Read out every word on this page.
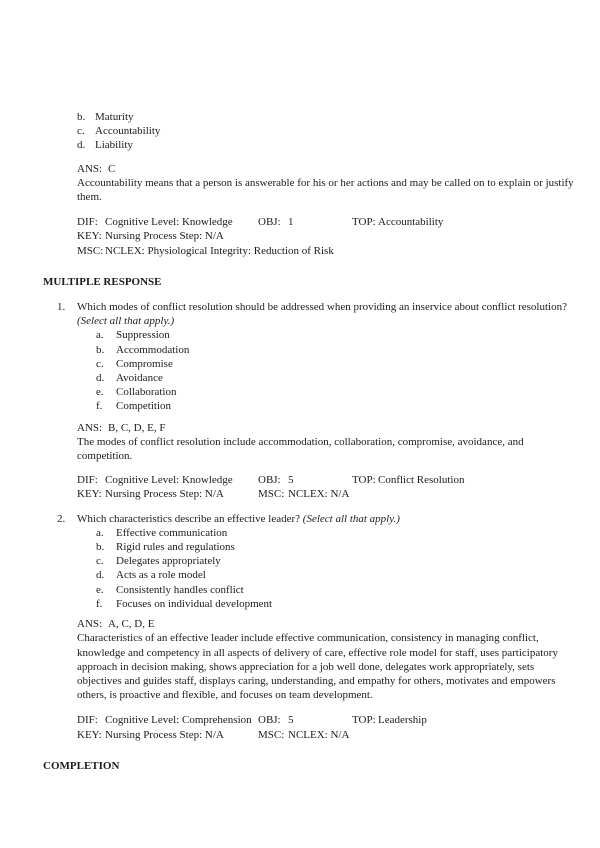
b. Maturity
c. Accountability
d. Liability
ANS: C

Accountability means that a person is answerable for his or her actions and may be called on to explain or justify them.

DIF: Cognitive Level: Knowledge	OBJ: 1	TOP: Accountability
KEY: Nursing Process Step: N/A
MSC: NCLEX: Physiological Integrity: Reduction of Risk
MULTIPLE RESPONSE
1. Which modes of conflict resolution should be addressed when providing an inservice about conflict resolution? (Select all that apply.)
a.	Suppression
b.	Accommodation
c.	Compromise
d.	Avoidance
e.	Collaboration
f.	Competition
ANS: B, C, D, E, F

The modes of conflict resolution include accommodation, collaboration, compromise, avoidance, and competition.

DIF: Cognitive Level: Knowledge	OBJ: 5	TOP: Conflict Resolution
KEY: Nursing Process Step: N/A	MSC: NCLEX: N/A
2. Which characteristics describe an effective leader? (Select all that apply.)
a.	Effective communication
b.	Rigid rules and regulations
c.	Delegates appropriately
d.	Acts as a role model
e.	Consistently handles conflict
f.	Focuses on individual development
ANS: A, C, D, E

Characteristics of an effective leader include effective communication, consistency in managing conflict, knowledge and competency in all aspects of delivery of care, effective role model for staff, uses participatory approach in decision making, shows appreciation for a job well done, delegates work appropriately, sets objectives and guides staff, displays caring, understanding, and empathy for others, motivates and empowers others, is proactive and flexible, and focuses on team development.

DIF: Cognitive Level: Comprehension OBJ: 5	TOP: Leadership
KEY: Nursing Process Step: N/A	MSC: NCLEX: N/A
COMPLETION
